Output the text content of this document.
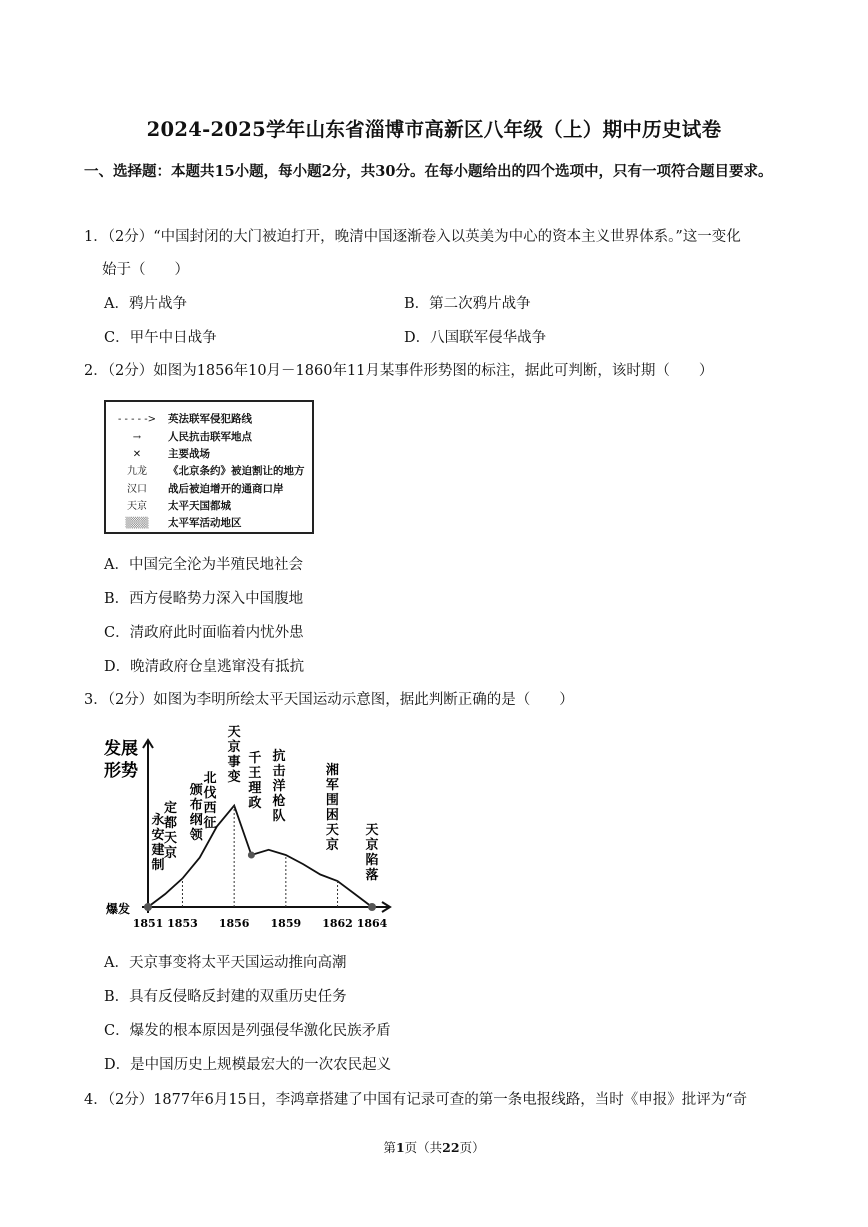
2024-2025学年山东省淄博市高新区八年级（上）期中历史试卷
一、选择题：本题共15小题，每小题2分，共30分。在每小题给出的四个选项中，只有一项符合题目要求。
1．（2分）“中国封闭的大门被迫打开，晚清中国逐渐卷入以英美为中心的资本主义世界体系。”这一变化
始于（　　）
A．鸦片战争	B．第二次鸦片战争
C．甲午中日战争	D．八国联军侵华战争
2．（2分）如图为1856年10月－1860年11月某事件形势图的标注，据此可判断，该时期（　　）
- - - - -> 英法联军侵犯路线
→	人民抗击联军地点
✕	主要战场
九龙 《北京条约》被迫割让的地方
汉口 战后被迫增开的通商口岸
天京 太平天国都城
▒▒▒ 太平军活动地区
A．中国完全沦为半殖民地社会
B．西方侵略势力深入中国腹地
C．清政府此时面临着内忧外患
D．晚清政府仓皇逃窜没有抵抗
3．（2分）如图为李明所绘太平天国运动示意图，据此判断正确的是（　　）
发展
形势
1851 1853 1856 1859 1862 1864
爆发
永
安
建
制
定
都
天
京
颁
布
纲
领
北
伐
西
征
天
京
事
变
千
王
理
政
抗
击
洋
枪
队
湘
军
围
困
天
京
天
京
陷
落
A．天京事变将太平天国运动推向高潮
B．具有反侵略反封建的双重历史任务
C．爆发的根本原因是列强侵华激化民族矛盾
D．是中国历史上规模最宏大的一次农民起义
4．（2分）1877年6月15日，李鸿章搭建了中国有记录可查的第一条电报线路，当时《申报》批评为“奇
第1页（共22页）
